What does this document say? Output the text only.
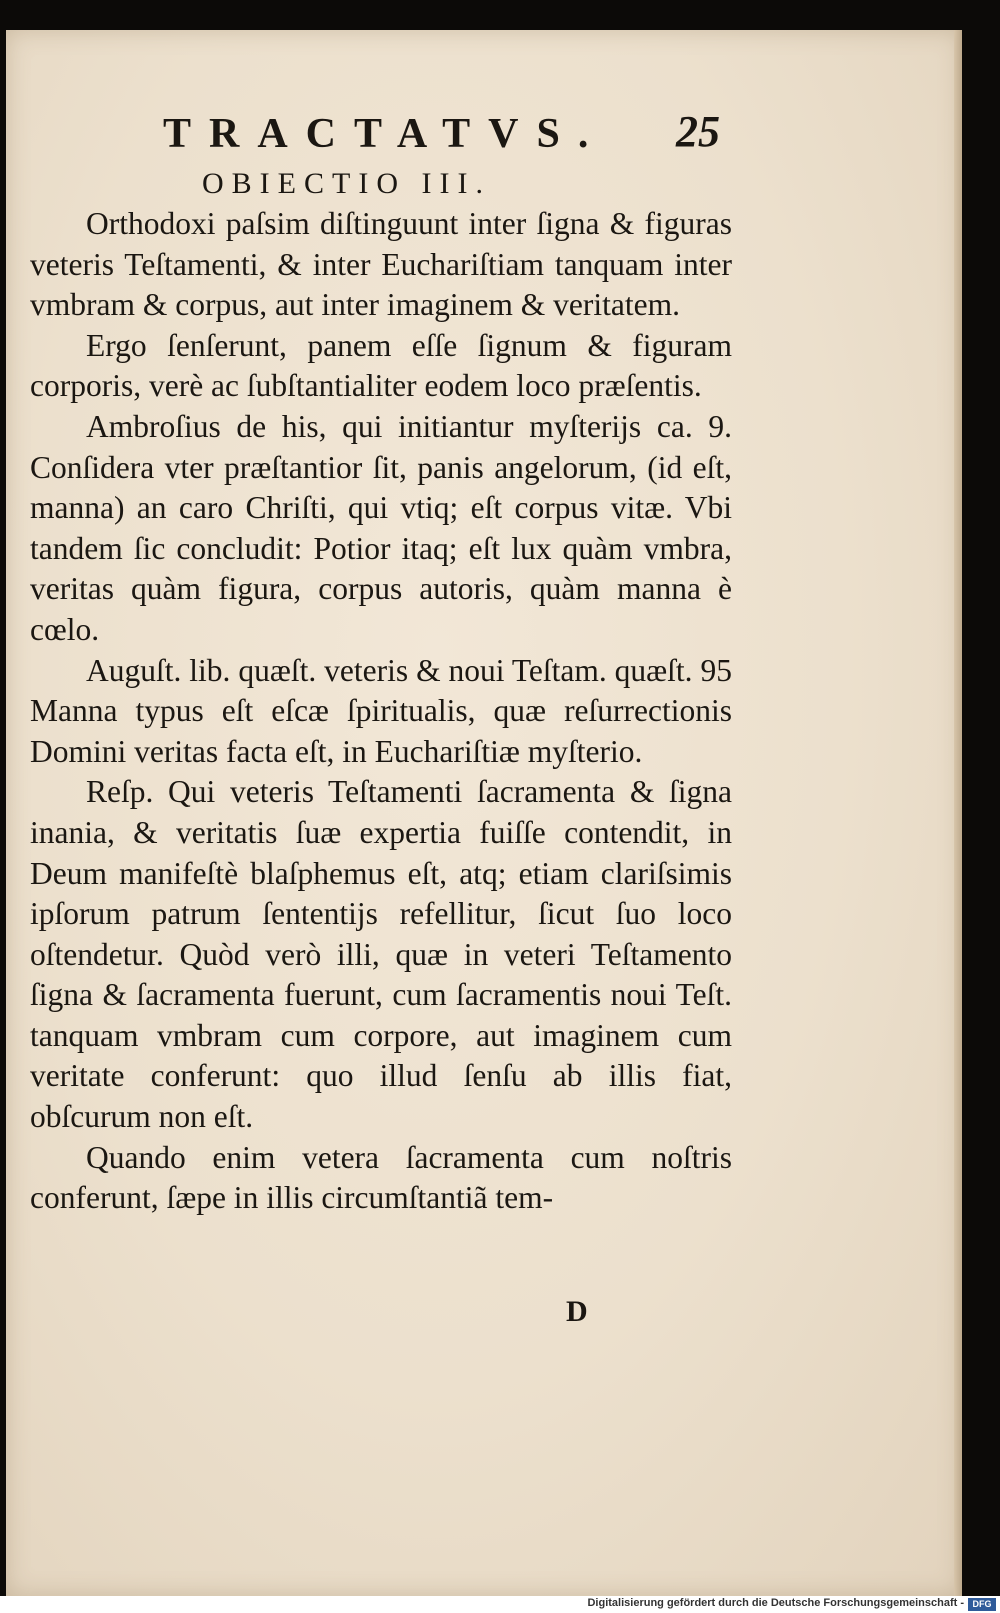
TRACTATVS. 25
OBIECTIO III.

Orthodoxi paſsim diſtinguunt inter ſigna & figuras veteris Teſtamenti, & inter Euchariſtiam tanquam inter vmbram & corpus, aut inter imaginem & veritatem.

Ergo ſenſerunt, panem eſſe ſignum & figuram corporis, verè ac ſubſtantialiter eodem loco præſentis.

Ambroſius de his, qui initiantur myſterijs ca. 9. Conſidera vter præſtantior ſit, panis angelorum, (id eſt, manna) an caro Chriſti, qui vtiq; eſt corpus vitæ. Vbi tandem ſic concludit: Potior itaq; eſt lux quàm vmbra, veritas quàm figura, corpus autoris, quàm manna è cœlo.

Auguſt. lib. quæſt. veteris & noui Teſtam. quæſt. 95 Manna typus eſt eſcæ ſpiritualis, quæ reſurrectionis Domini veritas facta eſt, in Euchariſtiæ myſterio.

Reſp. Qui veteris Teſtamenti ſacramenta & ſigna inania, & veritatis ſuæ expertia fuiſſe contendit, in Deum manifeſtè blaſphemus eſt, atq; etiam clariſsimis ipſorum patrum ſententijs refellitur, ſicut ſuo loco oſtendetur. Quòd verò illi, quæ in veteri Teſtamento ſigna & ſacramenta fuerunt, cum ſacramentis noui Teſt. tanquam vmbram cum corpore, aut imaginem cum veritate conferunt: quo illud ſenſu ab illis fiat, obſcurum non eſt.

Quando enim vetera ſacramenta cum noſtris conferunt, ſæpe in illis circumſtantiã tem-

D
Digitalisierung gefördert durch die Deutsche Forschungsgemeinschaft - DFG
